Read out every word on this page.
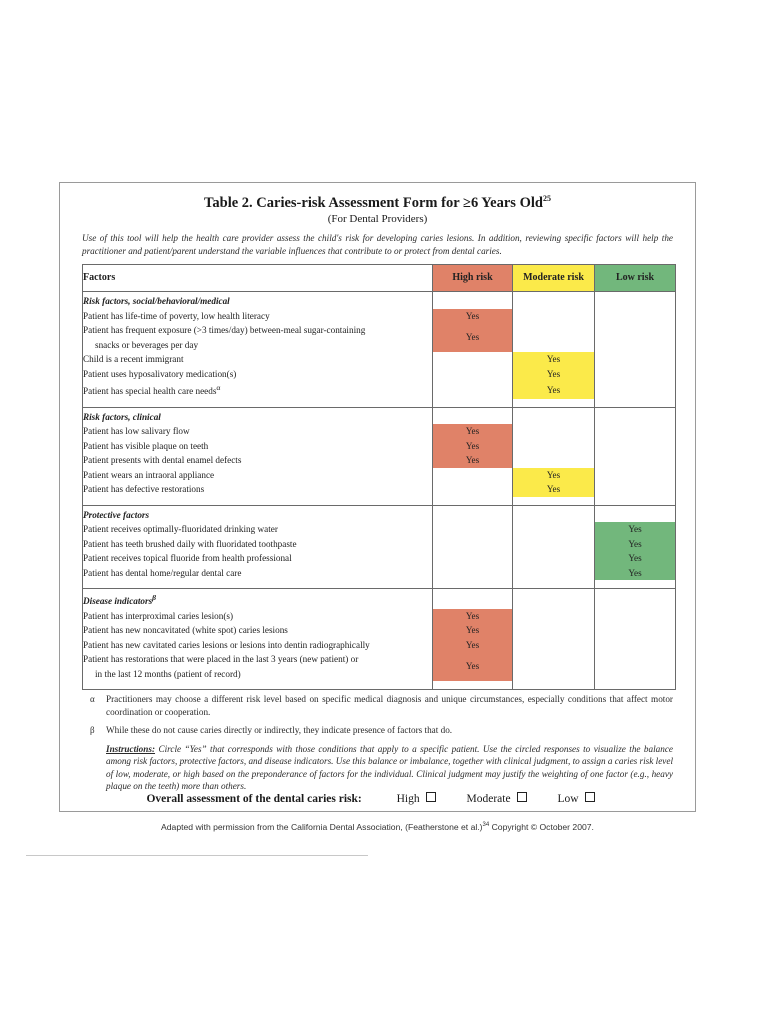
Table 2. Caries-risk Assessment Form for ≥6 Years Old$^{25}$
(For Dental Providers)
Use of this tool will help the health care provider assess the child's risk for developing caries lesions. In addition, reviewing specific factors will help the practitioner and patient/parent understand the variable influences that contribute to or protect from dental caries.
Factors	High risk	Moderate risk	Low risk
Risk factors, social/behavioral/medical			
Patient has life-time of poverty, low health literacy	Yes		
Patient has frequent exposure (>3 times/day) between-meal sugar-containing
snacks or beverages per day	Yes		
Child is a recent immigrant		Yes	
Patient uses hyposalivatory medication(s)		Yes	
Patient has special health care needs$^\alpha$		Yes	

Risk factors, clinical			
Patient has low salivary flow	Yes		
Patient has visible plaque on teeth	Yes		
Patient presents with dental enamel defects	Yes		
Patient wears an intraoral appliance		Yes	
Patient has defective restorations		Yes	

Protective factors			
Patient receives optimally-fluoridated drinking water			Yes
Patient has teeth brushed daily with fluoridated toothpaste			Yes
Patient receives topical fluoride from health professional			Yes
Patient has dental home/regular dental care			Yes

Disease indicators$^\beta$			
Patient has interproximal caries lesion(s)	Yes		
Patient has new noncavitated (white spot) caries lesions	Yes		
Patient has new cavitated caries lesions or lesions into dentin radiographically	Yes		
Patient has restorations that were placed in the last 3 years (new patient) or
in the last 12 months (patient of record)	Yes		

α Practitioners may choose a different risk level based on specific medical diagnosis and unique circumstances, especially conditions that affect motor coordination or cooperation.
β While these do not cause caries directly or indirectly, they indicate presence of factors that do.
Instructions: Circle “Yes” that corresponds with those conditions that apply to a specific patient. Use the circled responses to visualize the balance among risk factors, protective factors, and disease indicators. Use this balance or imbalance, together with clinical judgment, to assign a caries risk level of low, moderate, or high based on the preponderance of factors for the individual. Clinical judgment may justify the weighting of one factor (e.g., heavy plaque on the teeth) more than others.
Overall assessment of the dental caries risk:	High	Moderate	Low
Adapted with permission from the California Dental Association, (Featherstone et al.)$^{34}$ Copyright © October 2007.
